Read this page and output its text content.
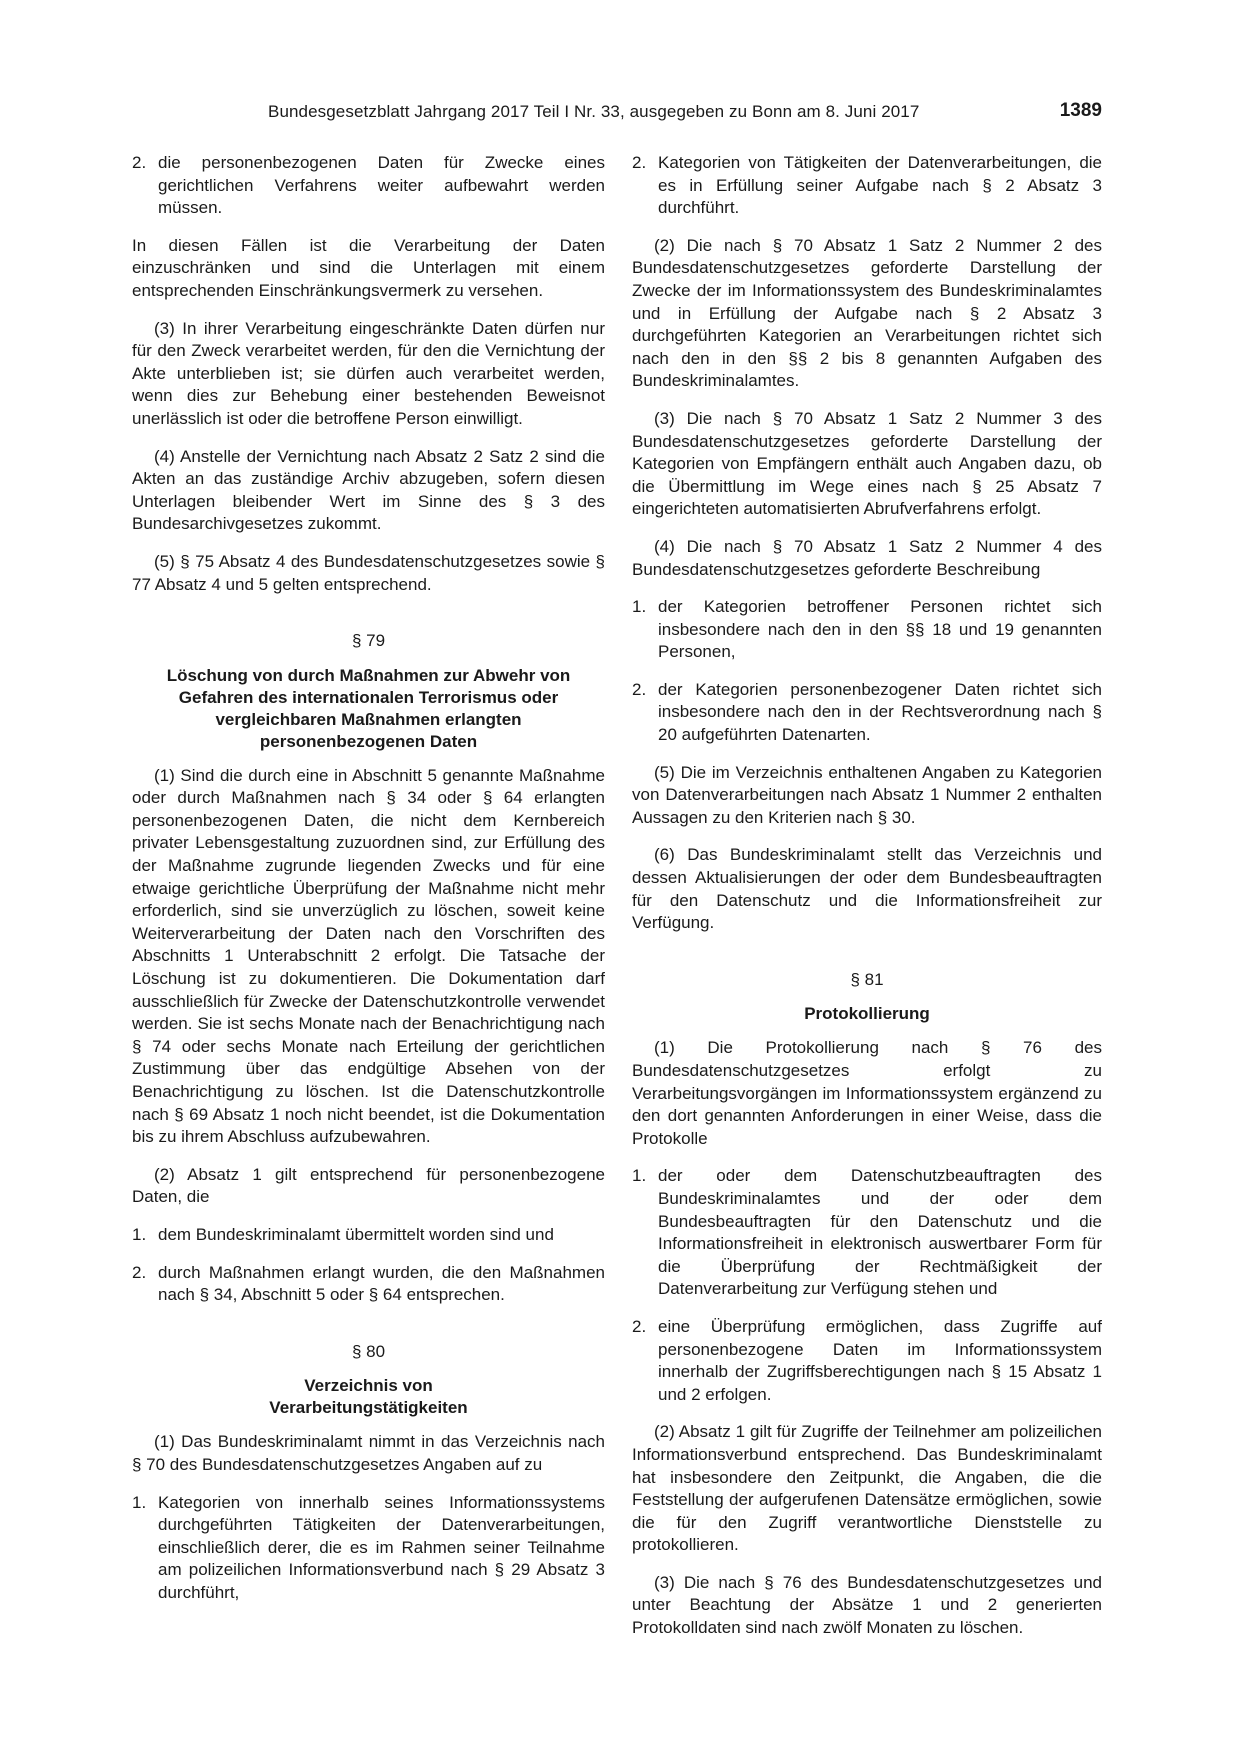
Bundesgesetzblatt Jahrgang 2017 Teil I Nr. 33, ausgegeben zu Bonn am 8. Juni 2017	1389
2. die personenbezogenen Daten für Zwecke eines gerichtlichen Verfahrens weiter aufbewahrt werden müssen.

In diesen Fällen ist die Verarbeitung der Daten einzuschränken und sind die Unterlagen mit einem entsprechenden Einschränkungsvermerk zu versehen.

(3) In ihrer Verarbeitung eingeschränkte Daten dürfen nur für den Zweck verarbeitet werden, für den die Vernichtung der Akte unterblieben ist; sie dürfen auch verarbeitet werden, wenn dies zur Behebung einer bestehenden Beweisnot unerlässlich ist oder die betroffene Person einwilligt.

(4) Anstelle der Vernichtung nach Absatz 2 Satz 2 sind die Akten an das zuständige Archiv abzugeben, sofern diesen Unterlagen bleibender Wert im Sinne des § 3 des Bundesarchivgesetzes zukommt.

(5) § 75 Absatz 4 des Bundesdatenschutzgesetzes sowie § 77 Absatz 4 und 5 gelten entsprechend.

§ 79
Löschung von durch Maßnahmen zur Abwehr von Gefahren des internationalen Terrorismus oder vergleichbaren Maßnahmen erlangten personenbezogenen Daten

(1) Sind die durch eine in Abschnitt 5 genannte Maßnahme oder durch Maßnahmen nach § 34 oder § 64 erlangten personenbezogenen Daten, die nicht dem Kernbereich privater Lebensgestaltung zuzuordnen sind, zur Erfüllung des der Maßnahme zugrunde liegenden Zwecks und für eine etwaige gerichtliche Überprüfung der Maßnahme nicht mehr erforderlich, sind sie unverzüglich zu löschen, soweit keine Weiterverarbeitung der Daten nach den Vorschriften des Abschnitts 1 Unterabschnitt 2 erfolgt. Die Tatsache der Löschung ist zu dokumentieren. Die Dokumentation darf ausschließlich für Zwecke der Datenschutzkontrolle verwendet werden. Sie ist sechs Monate nach der Benachrichtigung nach § 74 oder sechs Monate nach Erteilung der gerichtlichen Zustimmung über das endgültige Absehen von der Benachrichtigung zu löschen. Ist die Datenschutzkontrolle nach § 69 Absatz 1 noch nicht beendet, ist die Dokumentation bis zu ihrem Abschluss aufzubewahren.

(2) Absatz 1 gilt entsprechend für personenbezogene Daten, die

1. dem Bundeskriminalamt übermittelt worden sind und
2. durch Maßnahmen erlangt wurden, die den Maßnahmen nach § 34, Abschnitt 5 oder § 64 entsprechen.
§ 80
Verzeichnis von
Verarbeitungstätigkeiten

(1) Das Bundeskriminalamt nimmt in das Verzeichnis nach § 70 des Bundesdatenschutzgesetzes Angaben auf zu

1. Kategorien von innerhalb seines Informationssystems durchgeführten Tätigkeiten der Datenverarbeitungen, einschließlich derer, die es im Rahmen seiner Teilnahme am polizeilichen Informationsverbund nach § 29 Absatz 3 durchführt,
2. Kategorien von Tätigkeiten der Datenverarbeitungen, die es in Erfüllung seiner Aufgabe nach § 2 Absatz 3 durchführt.

(2) Die nach § 70 Absatz 1 Satz 2 Nummer 2 des Bundesdatenschutzgesetzes geforderte Darstellung der Zwecke der im Informationssystem des Bundeskriminalamtes und in Erfüllung der Aufgabe nach § 2 Absatz 3 durchgeführten Kategorien an Verarbeitungen richtet sich nach den in den §§ 2 bis 8 genannten Aufgaben des Bundeskriminalamtes.

(3) Die nach § 70 Absatz 1 Satz 2 Nummer 3 des Bundesdatenschutzgesetzes geforderte Darstellung der Kategorien von Empfängern enthält auch Angaben dazu, ob die Übermittlung im Wege eines nach § 25 Absatz 7 eingerichteten automatisierten Abrufverfahrens erfolgt.

(4) Die nach § 70 Absatz 1 Satz 2 Nummer 4 des Bundesdatenschutzgesetzes geforderte Beschreibung

1. der Kategorien betroffener Personen richtet sich insbesondere nach den in den §§ 18 und 19 genannten Personen,
2. der Kategorien personenbezogener Daten richtet sich insbesondere nach den in der Rechtsverordnung nach § 20 aufgeführten Datenarten.

(5) Die im Verzeichnis enthaltenen Angaben zu Kategorien von Datenverarbeitungen nach Absatz 1 Nummer 2 enthalten Aussagen zu den Kriterien nach § 30.

(6) Das Bundeskriminalamt stellt das Verzeichnis und dessen Aktualisierungen der oder dem Bundesbeauftragten für den Datenschutz und die Informationsfreiheit zur Verfügung.

§ 81
Protokollierung

(1) Die Protokollierung nach § 76 des Bundesdatenschutzgesetzes erfolgt zu Verarbeitungsvorgängen im Informationssystem ergänzend zu den dort genannten Anforderungen in einer Weise, dass die Protokolle

1. der oder dem Datenschutzbeauftragten des Bundeskriminalamtes und der oder dem Bundesbeauftragten für den Datenschutz und die Informationsfreiheit in elektronisch auswertbarer Form für die Überprüfung der Rechtmäßigkeit der Datenverarbeitung zur Verfügung stehen und
2. eine Überprüfung ermöglichen, dass Zugriffe auf personenbezogene Daten im Informationssystem innerhalb der Zugriffsberechtigungen nach § 15 Absatz 1 und 2 erfolgen.

(2) Absatz 1 gilt für Zugriffe der Teilnehmer am polizeilichen Informationsverbund entsprechend. Das Bundeskriminalamt hat insbesondere den Zeitpunkt, die Angaben, die die Feststellung der aufgerufenen Datensätze ermöglichen, sowie die für den Zugriff verantwortliche Dienststelle zu protokollieren.

(3) Die nach § 76 des Bundesdatenschutzgesetzes und unter Beachtung der Absätze 1 und 2 generierten Protokolldaten sind nach zwölf Monaten zu löschen.
